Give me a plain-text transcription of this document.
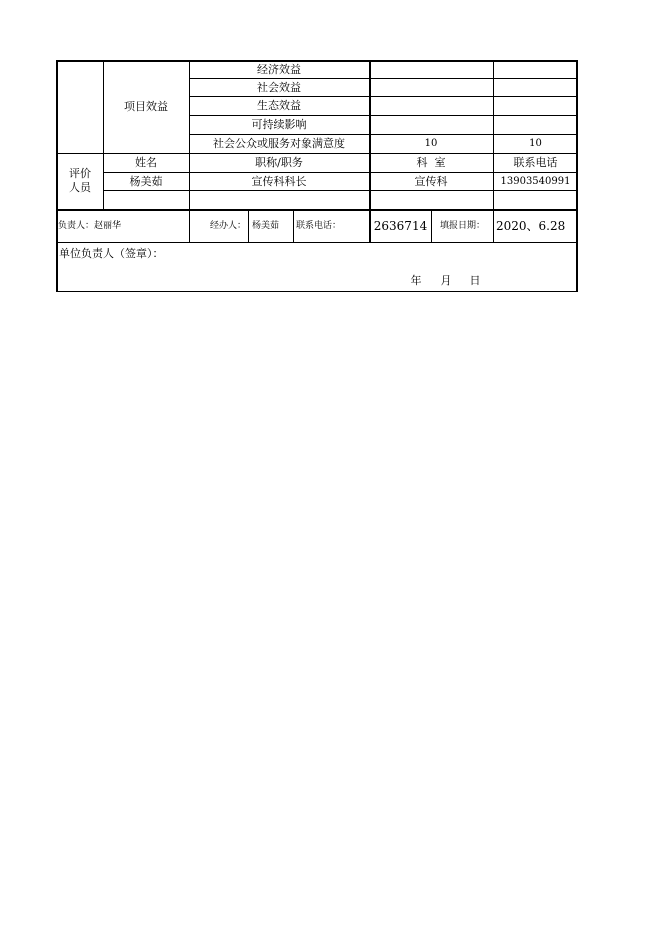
项目效益
经济效益
社会效益
生态效益
可持续影响
社会公众或服务对象满意度	10	10
评价人员
姓名	职称/职务	科  室	联系电话
杨美茹	宣传科科长	宣传科	13903540991
负责人：赵丽华	经办人： 杨美茹	联系电话：	2636714	填报日期： 2020、6.28
单位负责人（签章）：
年 月 日
